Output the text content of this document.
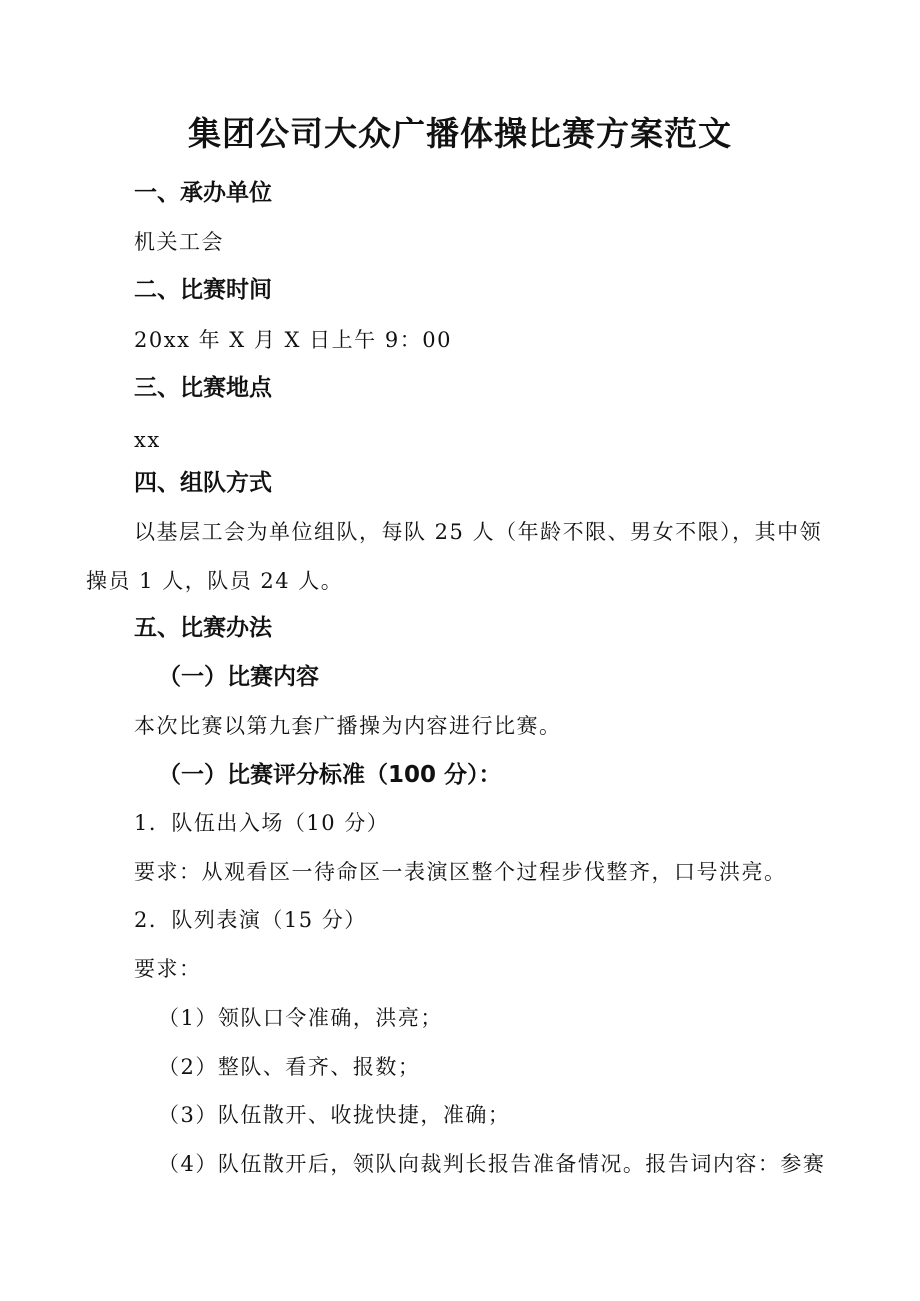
集团公司大众广播体操比赛方案范文
一、承办单位
机关工会
二、比赛时间
20xx 年 X 月 X 日上午 9：00
三、比赛地点
xx
四、组队方式
以基层工会为单位组队，每队 25 人（年龄不限、男女不限），其中领
操员 1 人，队员 24 人。
五、比赛办法
（一）比赛内容
本次比赛以第九套广播操为内容进行比赛。
（一）比赛评分标准（100 分）：
1．队伍出入场（10 分）
要求：从观看区一待命区一表演区整个过程步伐整齐，口号洪亮。
2．队列表演（15 分）
要求：
（1）领队口令准确，洪亮；
（2）整队、看齐、报数；
（3）队伍散开、收拢快捷，准确；
（4）队伍散开后，领队向裁判长报告准备情况。报告词内容：参赛
